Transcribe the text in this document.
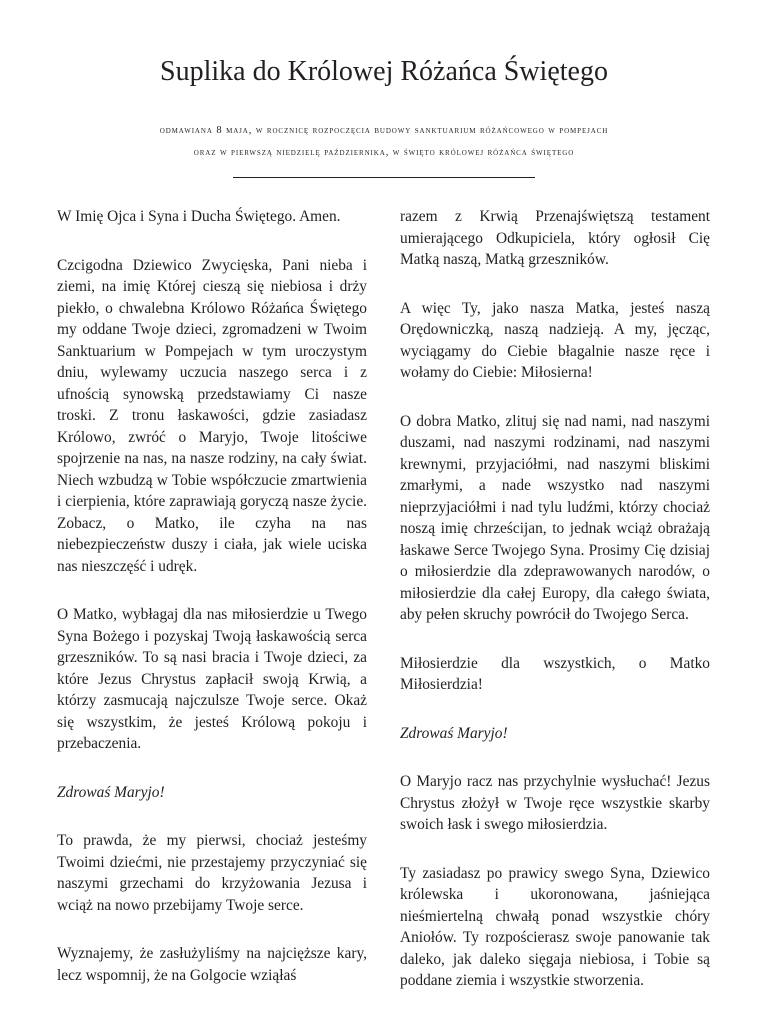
Suplika do Królowej Różańca Świętego
odmawiana 8 maja, w rocznicę rozpoczęcia budowy sanktuarium różańcowego w pompejach
oraz w pierwszą niedzielę października, w święto królowej różańca świętego

W Imię Ojca i Syna i Ducha Świętego. Amen.

Czcigodna Dziewico Zwycięska, Pani nieba i ziemi, na imię Której cieszą się niebiosa i drży piekło, o chwalebna Królowo Różańca Świętego my oddane Twoje dzieci, zgromadzeni w Twoim Sanktuarium w Pompejach w tym uroczystym dniu, wylewamy uczucia naszego serca i z ufnością synowską przedstawiamy Ci nasze troski. Z tronu łaskawości, gdzie zasiadasz Królowo, zwróć o Maryjo, Twoje litościwe spojrzenie na nas, na nasze rodziny, na cały świat. Niech wzbudzą w Tobie współczucie zmartwienia i cierpienia, które zaprawiają goryczą nasze życie. Zobacz, o Matko, ile czyha na nas niebezpieczeństw duszy i ciała, jak wiele uciska nas nieszczęść i udręk.

O Matko, wybłagaj dla nas miłosierdzie u Twego Syna Bożego i pozyskaj Twoją łaskawością serca grzeszników. To są nasi bracia i Twoje dzieci, za które Jezus Chrystus zapłacił swoją Krwią, a którzy zasmucają najczulsze Twoje serce. Okaż się wszystkim, że jesteś Królową pokoju i przebaczenia.

Zdrowaś Maryjo!

To prawda, że my pierwsi, chociaż jesteśmy Twoimi dziećmi, nie przestajemy przyczyniać się naszymi grzechami do krzyżowania Jezusa i wciąż na nowo przebijamy Twoje serce.

Wyznajemy, że zasłużyliśmy na najcięższe kary, lecz wspomnij, że na Golgocie wziąłaś

razem z Krwią Przenajświętszą testament umierającego Odkupiciela, który ogłosił Cię Matką naszą, Matką grzeszników.

A więc Ty, jako nasza Matka, jesteś naszą Orędowniczką, naszą nadzieją. A my, jęcząc, wyciągamy do Ciebie błagalnie nasze ręce i wołamy do Ciebie: Miłosierna!

O dobra Matko, zlituj się nad nami, nad naszymi duszami, nad naszymi rodzinami, nad naszymi krewnymi, przyjaciółmi, nad naszymi bliskimi zmarłymi, a nade wszystko nad naszymi nieprzyjaciółmi i nad tylu ludźmi, którzy chociaż noszą imię chrześcijan, to jednak wciąż obrażają łaskawe Serce Twojego Syna. Prosimy Cię dzisiaj o miłosierdzie dla zdeprawowanych narodów, o miłosierdzie dla całej Europy, dla całego świata, aby pełen skruchy powrócił do Twojego Serca.

Miłosierdzie dla wszystkich, o Matko Miłosierdzia!

Zdrowaś Maryjo!

O Maryjo racz nas przychylnie wysłuchać! Jezus Chrystus złożył w Twoje ręce wszystkie skarby swoich łask i swego miłosierdzia.

Ty zasiadasz po prawicy swego Syna, Dziewico królewska i ukoronowana, jaśniejąca nieśmiertelną chwałą ponad wszystkie chóry Aniołów. Ty rozpościerasz swoje panowanie tak daleko, jak daleko sięgaja niebiosa, i Tobie są poddane ziemia i wszystkie stworzenia.
